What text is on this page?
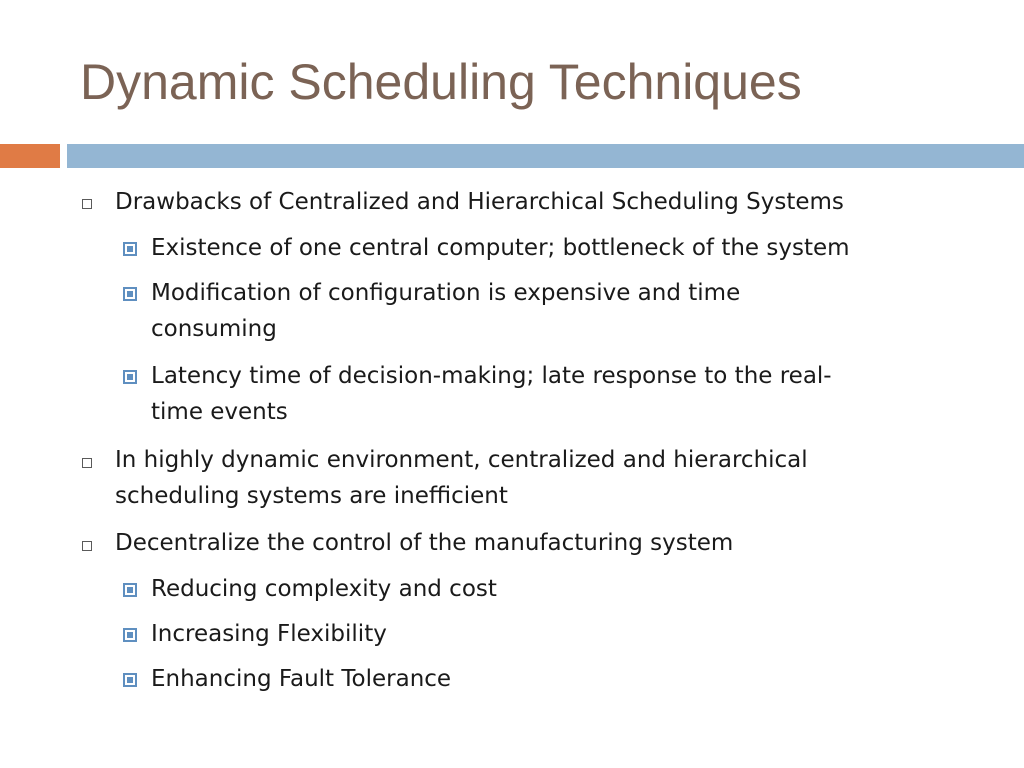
Dynamic Scheduling Techniques
Drawbacks of Centralized and Hierarchical Scheduling Systems
Existence of one central computer; bottleneck of the system
Modification of configuration is expensive and time
consuming
Latency time of decision-making; late response to the real-
time events
In highly dynamic environment, centralized and hierarchical
scheduling systems are inefficient
Decentralize the control of the manufacturing system
Reducing complexity and cost
Increasing Flexibility
Enhancing Fault Tolerance
